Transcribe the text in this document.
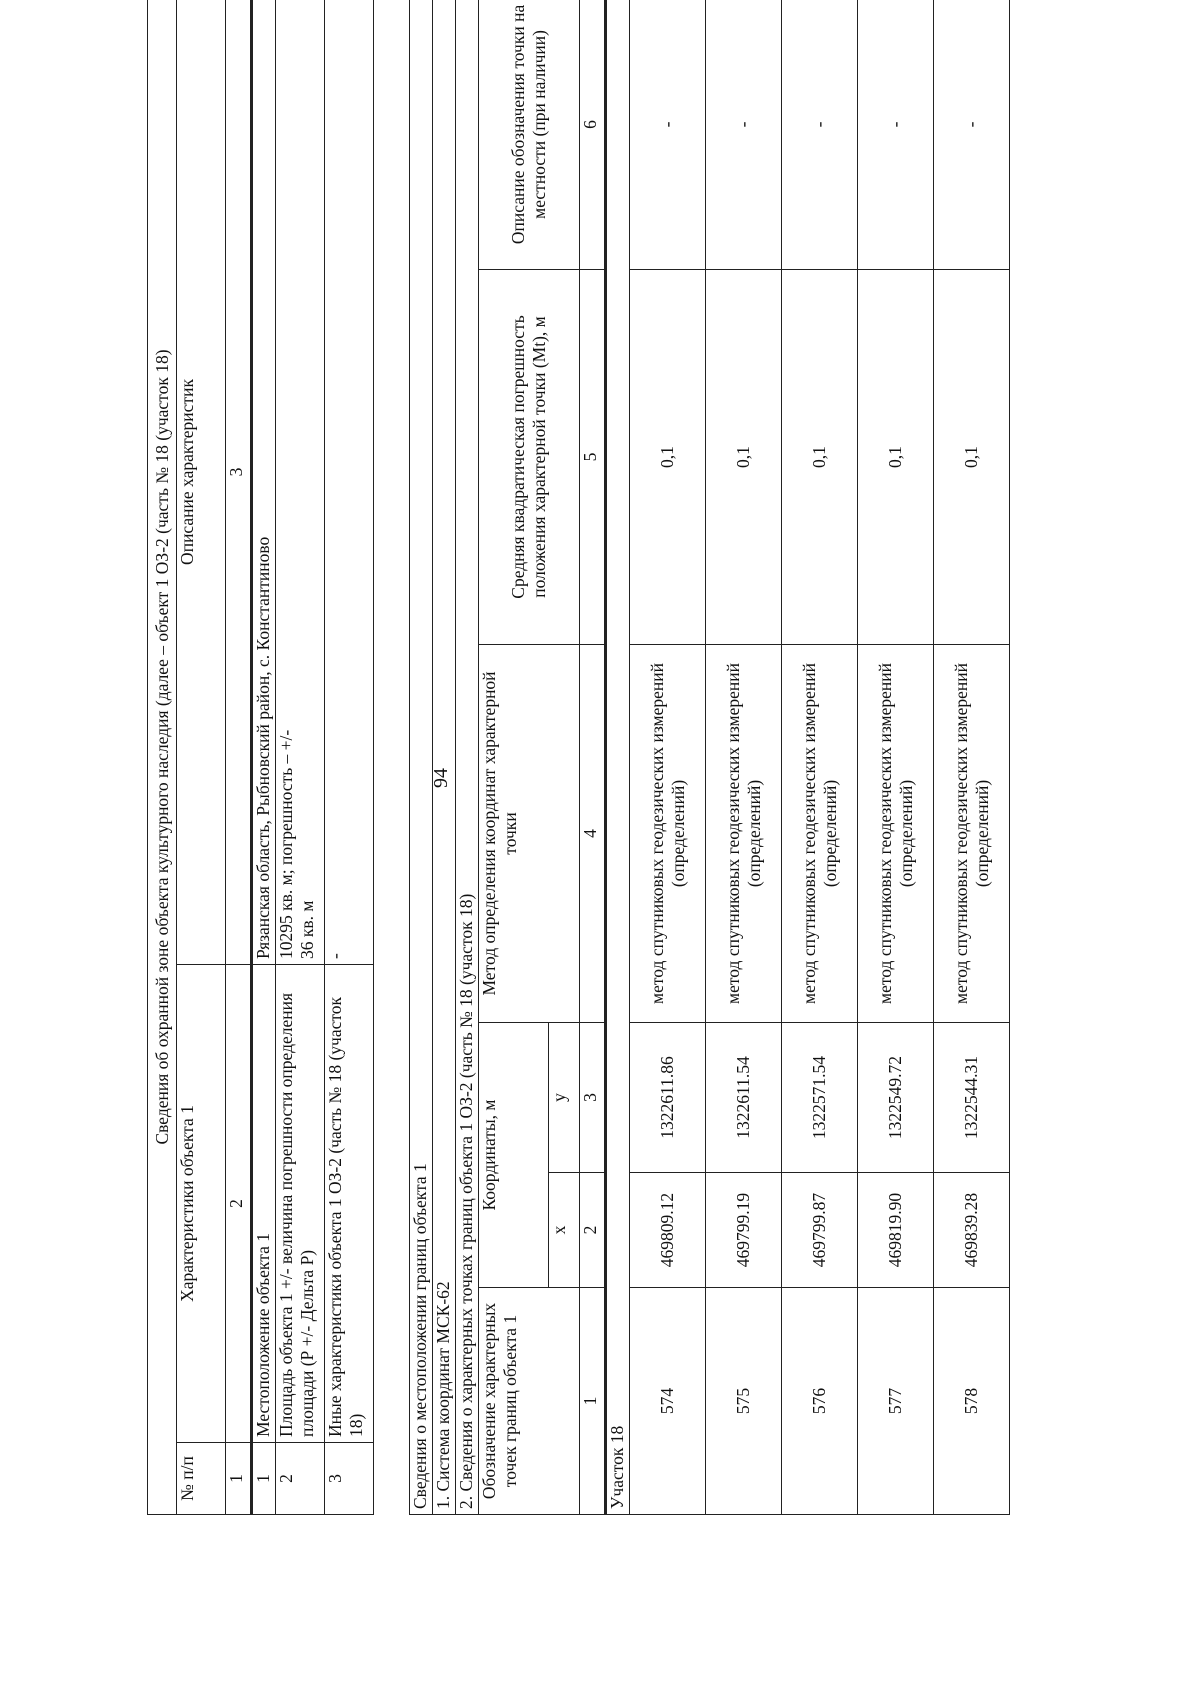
94
Сведения об охранной зоне объекта культурного наследия (далее – объект 1 ОЗ-2 (часть № 18 (участок 18)		
№ п/п	Характеристики объекта 1	Описание характеристик
1	2	3
1	Местоположение объекта 1	Рязанская область, Рыбновский район, с. Константиново
2	Площадь объекта 1 +/- величина погрешности определения площади (Р +/- Дельта Р)	10295 кв. м; погрешность – +/- 36 кв. м

3	Иные характеристики объекта 1 ОЗ-2 (часть № 18 (участок 18)	-
Сведения о местоположении границ объекта 1					
1. Система координат МСК-62					
2. Сведения о характерных точках границ объекта 1 ОЗ-2 (часть № 18 (участок 18)					
Обозначение характерных точек границ объекта 1	Координаты, м		Метод определения координат характерной точки	Средняя квадратическая погрешность положения характерной точки (Mt), м	Описание обозначения точки на местности (при наличии)
	x	y			
1	2	3	4	5	6
Участок 18					
574	469809.12	1322611.86	метод спутниковых геодезических измерений (определений)	0,1	-
575	469799.19	1322611.54	метод спутниковых геодезических измерений (определений)	0,1	-
576	469799.87	1322571.54	метод спутниковых геодезических измерений (определений)	0,1	-
577	469819.90	1322549.72	метод спутниковых геодезических измерений (определений)	0,1	-
578	469839.28	1322544.31	метод спутниковых геодезических измерений (определений)	0,1	-
